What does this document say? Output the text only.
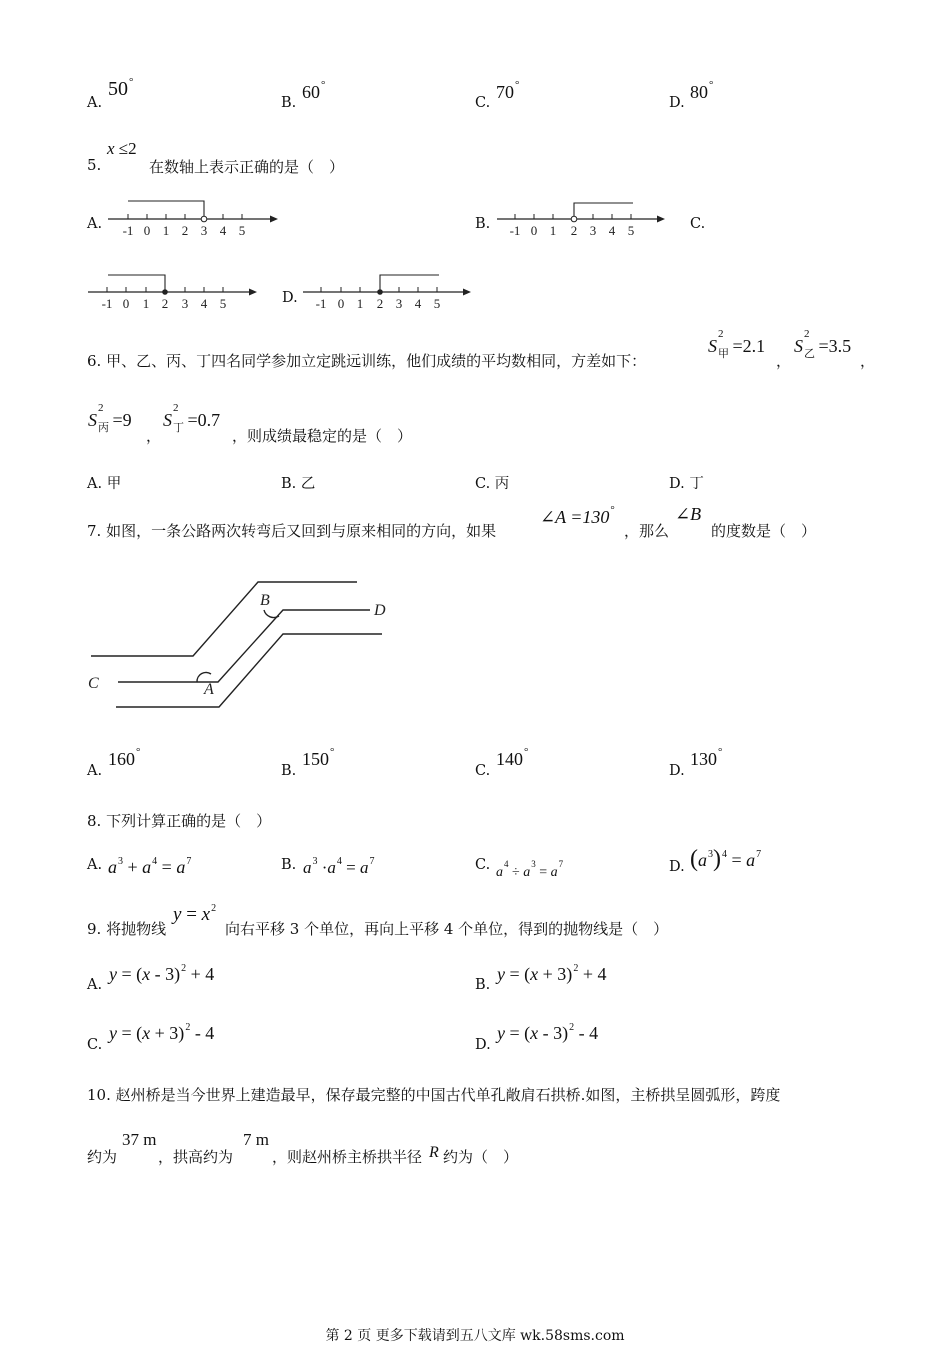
A.
50°
B.
60°
C.
70°
D.
80°
5.
x ≤2
在数轴上表示正确的是（　）
A.	B.	C.
D.
-1 0 1 2 3 4 5	-1 0 1 2 3 4 5
-1 0 1 2 3 4 5	-1 0 1 2 3 4 5
6. 甲、乙、丙、丁四名同学参加立定跳远训练，他们成绩的平均数相同，方差如下：
S
2
$_甲$ =2.1
，
S
2
$_乙$ =3.5
，
S
2
$_丙$ =9
，
S
2
$_丁$ =0.7
，则成绩最稳定的是（　）
A. 甲	B. 乙	C. 丙	D. 丁
7. 如图，一条公路两次转弯后又回到与原来相同的方向，如果
∠A =130°
，那么
∠B
的度数是（　）
B
D
C	A
A.
160°
B.
150°
C.
140°
D.
130°
8. 下列计算正确的是（　）
A. $a^3 + a^4 = a^7$	B. $a^3 \cdot a^4 = a^7$	C. $a^4 \div a^3 = a^7$	D. $(a^3)^4 = a^7$
9. 将抛物线
$y = x^2$
向右平移 3 个单位，再向上平移 4 个单位，得到的抛物线是（　）
A.
y = (x - 3)$^2$ + 4
B.
$y = (x + 3)^2 + 4$
C.
$y = (x + 3)^2 - 4$
D.
y = (x - 3)$^2$ - 4
10. 赵州桥是当今世界上建造最早，保存最完整的中国古代单孔敞肩石拱桥.如图，主桥拱呈圆弧形，跨度
约为
37 m
，拱高约为
7 m
，则赵州桥主桥拱半径 R 约为（　）
第 2 页 更多下载请到五八文库 wk.58sms.com
